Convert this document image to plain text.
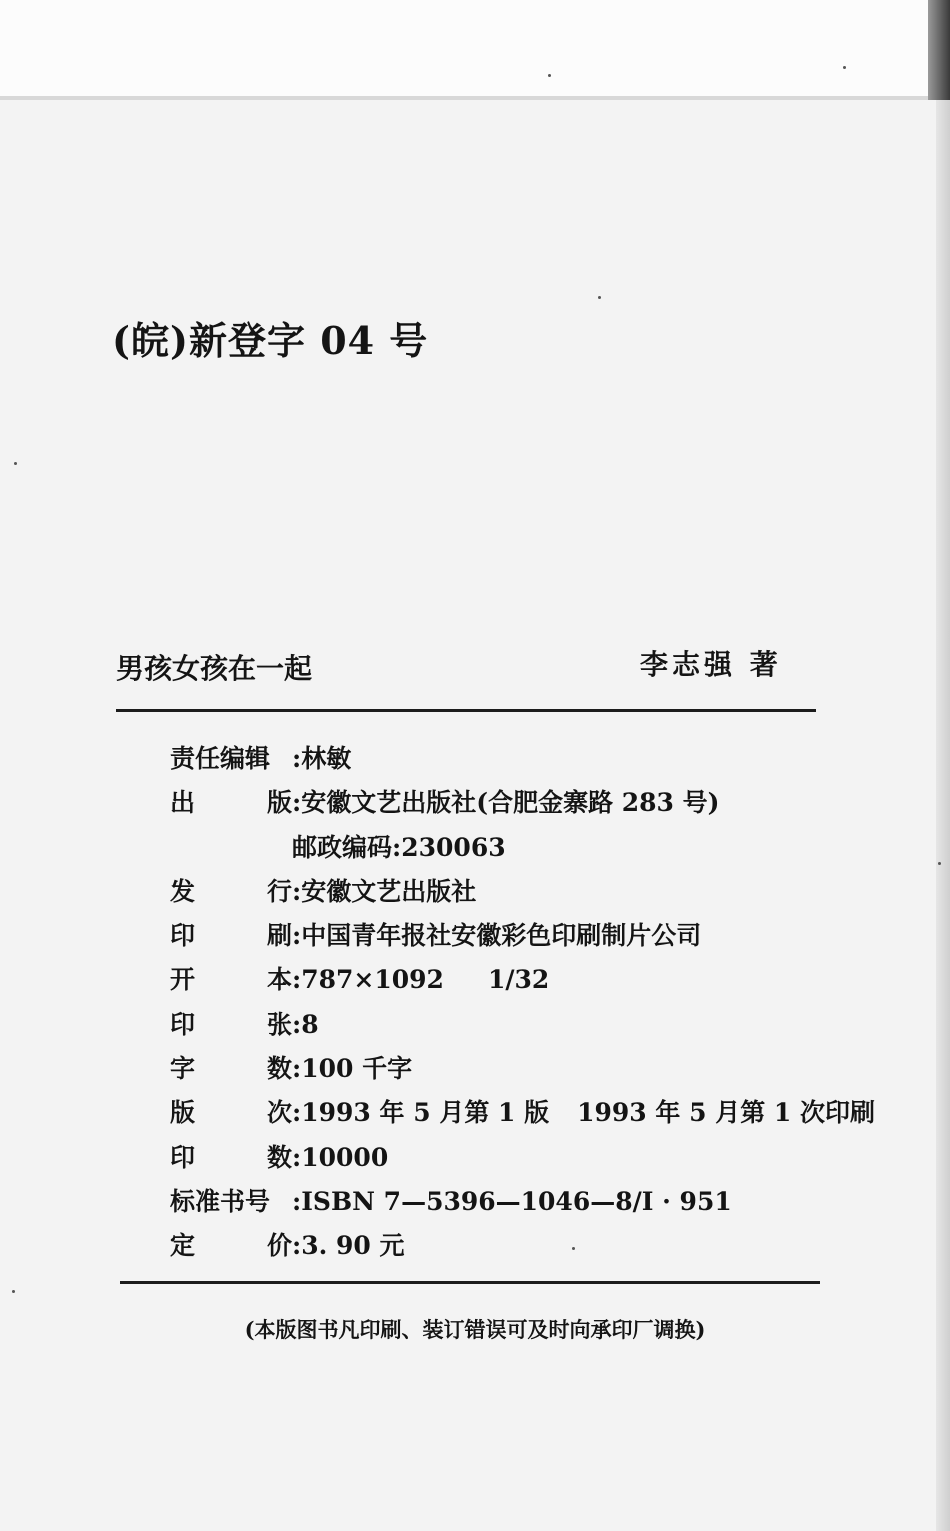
(皖)新登字 04 号
男孩女孩在一起	李志强 著
责任编辑 :林敏
出	版 :安徽文艺出版社(合肥金寨路 283 号)
邮政编码:230063
发	行 :安徽文艺出版社
印	刷 :中国青年报社安徽彩色印刷制片公司
开	本 :787×1092 1/32
印	张 :8
字	数 :100 千字
版	次 :1993 年 5 月第 1 版 1993 年 5 月第 1 次印刷
印	数 :10000
标准书号 :ISBN 7—5396—1046—8/I · 951
定	价 :3. 90 元
(本版图书凡印刷、装订错误可及时向承印厂调换)
